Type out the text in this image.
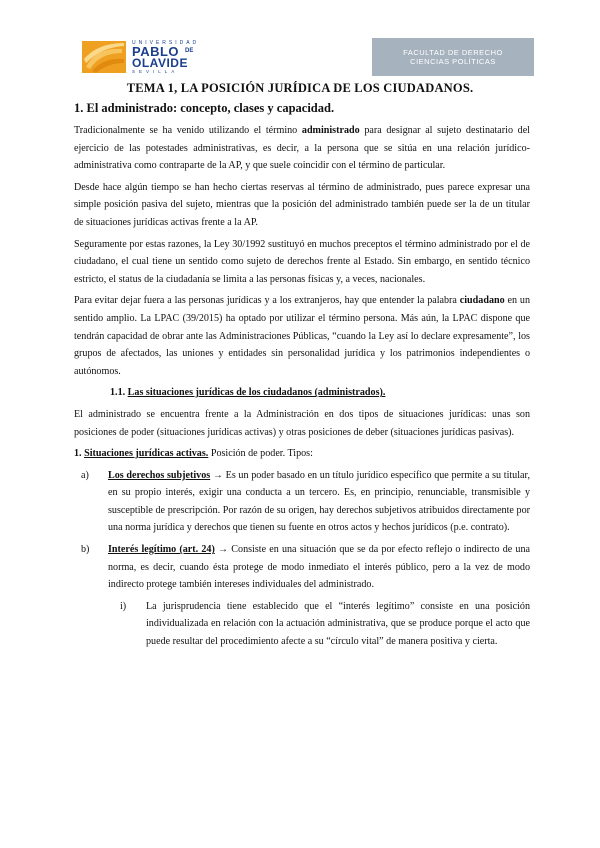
UNIVERSIDAD
PABLO DE
OLAVIDE
SEVILLA
FACULTAD DE DERECHO
CIENCIAS POLÍTICAS
TEMA 1, LA POSICIÓN JURÍDICA DE LOS CIUDADANOS.
1. El administrado: concepto, clases y capacidad.

Tradicionalmente se ha venido utilizando el término administrado para designar al sujeto destinatario del ejercicio de las potestades administrativas, es decir, a la persona que se sitúa en una relación jurídico-administrativa como contraparte de la AP, y que suele coincidir con el término de particular.

Desde hace algún tiempo se han hecho ciertas reservas al término de administrado, pues parece expresar una simple posición pasiva del sujeto, mientras que la posición del administrado también puede ser la de un titular de situaciones jurídicas activas frente a la AP.

Seguramente por estas razones, la Ley 30/1992 sustituyó en muchos preceptos el término administrado por el de ciudadano, el cual tiene un sentido como sujeto de derechos frente al Estado. Sin embargo, en sentido técnico estricto, el status de la ciudadanía se limita a las personas físicas y, a veces, nacionales.

Para evitar dejar fuera a las personas jurídicas y a los extranjeros, hay que entender la palabra ciudadano en un sentido amplio. La LPAC (39/2015) ha optado por utilizar el término persona. Más aún, la LPAC dispone que tendrán capacidad de obrar ante las Administraciones Públicas, “cuando la Ley así lo declare expresamente”, los grupos de afectados, las uniones y entidades sin personalidad jurídica y los patrimonios independientes o autónomos.

1.1. Las situaciones jurídicas de los ciudadanos (administrados).

El administrado se encuentra frente a la Administración en dos tipos de situaciones jurídicas: unas son posiciones de poder (situaciones jurídicas activas) y otras posiciones de deber (situaciones jurídicas pasivas).

1. Situaciones jurídicas activas. Posición de poder. Tipos:

a)	Los derechos subjetivos → Es un poder basado en un título jurídico específico que permite a su titular, en su propio interés, exigir una conducta a un tercero. Es, en principio, renunciable, transmisible y susceptible de prescripción. Por razón de su origen, hay derechos subjetivos atribuidos directamente por una norma jurídica y derechos que tienen su fuente en otros actos y hechos jurídicos (p.e. contrato).
b)	Interés legítimo (art. 24) → Consiste en una situación que se da por efecto reflejo o indirecto de una norma, es decir, cuando ésta protege de modo inmediato el interés público, pero a la vez de modo indirecto protege también intereses individuales del administrado.
i)	La jurisprudencia tiene establecido que el “interés legítimo” consiste en una posición individualizada en relación con la actuación administrativa, que se produce porque el acto que puede resultar del procedimiento afecte a su “círculo vital” de manera positiva y cierta.
